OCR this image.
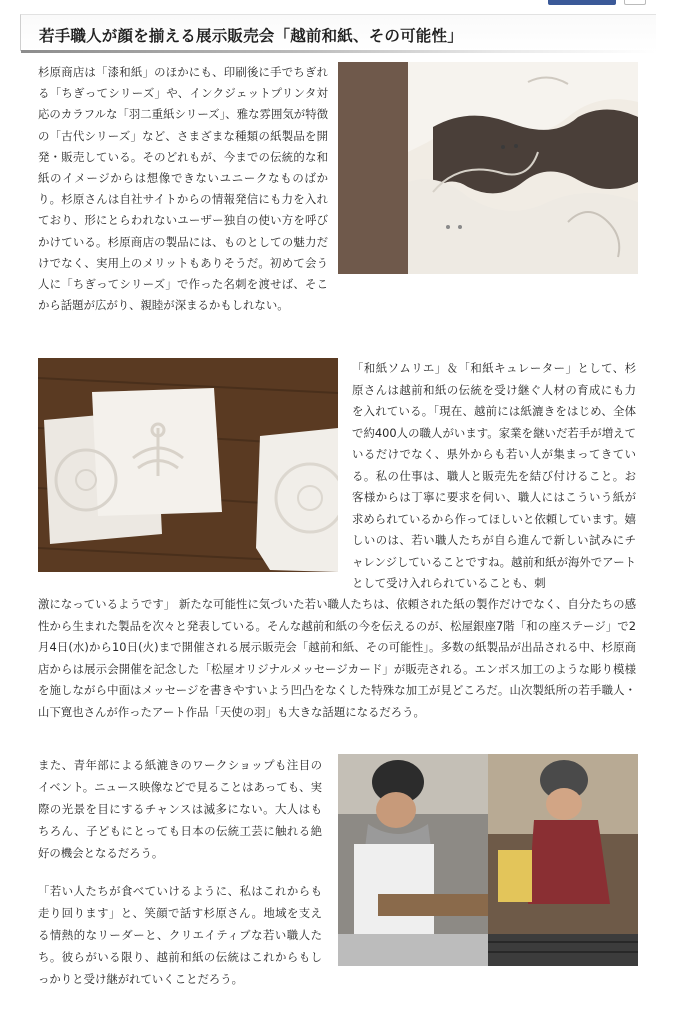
若手職人が顔を揃える展示販売会「越前和紙、その可能性」

杉原商店は「漆和紙」のほかにも、印刷後に手でちぎれる「ちぎってシリーズ」や、インクジェットプリンタ対応のカラフルな「羽二重紙シリーズ」、雅な雰囲気が特徴の「古代シリーズ」など、さまざまな種類の紙製品を開発・販売している。そのどれもが、今までの伝統的な和紙のイメージからは想像できないユニークなものばかり。杉原さんは自社サイトからの情報発信にも力を入れており、形にとらわれないユーザー独自の使い方を呼びかけている。杉原商店の製品には、ものとしての魅力だけでなく、実用上のメリットもありそうだ。初めて会う人に「ちぎってシリーズ」で作った名刺を渡せば、そこから話題が広がり、親睦が深まるかもしれない。

「和紙ソムリエ」＆「和紙キュレーター」として、杉原さんは越前和紙の伝統を受け継ぐ人材の育成にも力を入れている。「現在、越前には紙漉きをはじめ、全体で約400人の職人がいます。家業を継いだ若手が増えているだけでなく、県外からも若い人が集まってきている。私の仕事は、職人と販売先を結び付けること。お客様からは丁寧に要求を伺い、職人にはこういう紙が求められているから作ってほしいと依頼しています。嬉しいのは、若い職人たちが自ら進んで新しい試みにチャレンジしていることですね。越前和紙が海外でアートとして受け入れられていることも、刺

激になっているようです」 新たな可能性に気づいた若い職人たちは、依頼された紙の製作だけでなく、自分たちの感性から生まれた製品を次々と発表している。そんな越前和紙の今を伝えるのが、松屋銀座7階「和の座ステージ」で2月4日(水)から10日(火)まで開催される展示販売会「越前和紙、その可能性」。多数の紙製品が出品される中、杉原商店からは展示会開催を記念した「松屋オリジナルメッセージカード」が販売される。エンボス加工のような彫り模様を施しながら中面はメッセージを書きやすいよう凹凸をなくした特殊な加工が見どころだ。山次製紙所の若手職人・山下寛也さんが作ったアート作品「天使の羽」も大きな話題になるだろう。

また、青年部による紙漉きのワークショップも注目のイベント。ニュース映像などで見ることはあっても、実際の光景を目にするチャンスは滅多にない。大人はもちろん、子どもにとっても日本の伝統工芸に触れる絶好の機会となるだろう。

「若い人たちが食べていけるように、私はこれからも走り回ります」と、笑顔で話す杉原さん。地域を支える情熱的なリーダーと、クリエイティブな若い職人たち。彼らがいる限り、越前和紙の伝統はこれからもしっかりと受け継がれていくことだろう。
